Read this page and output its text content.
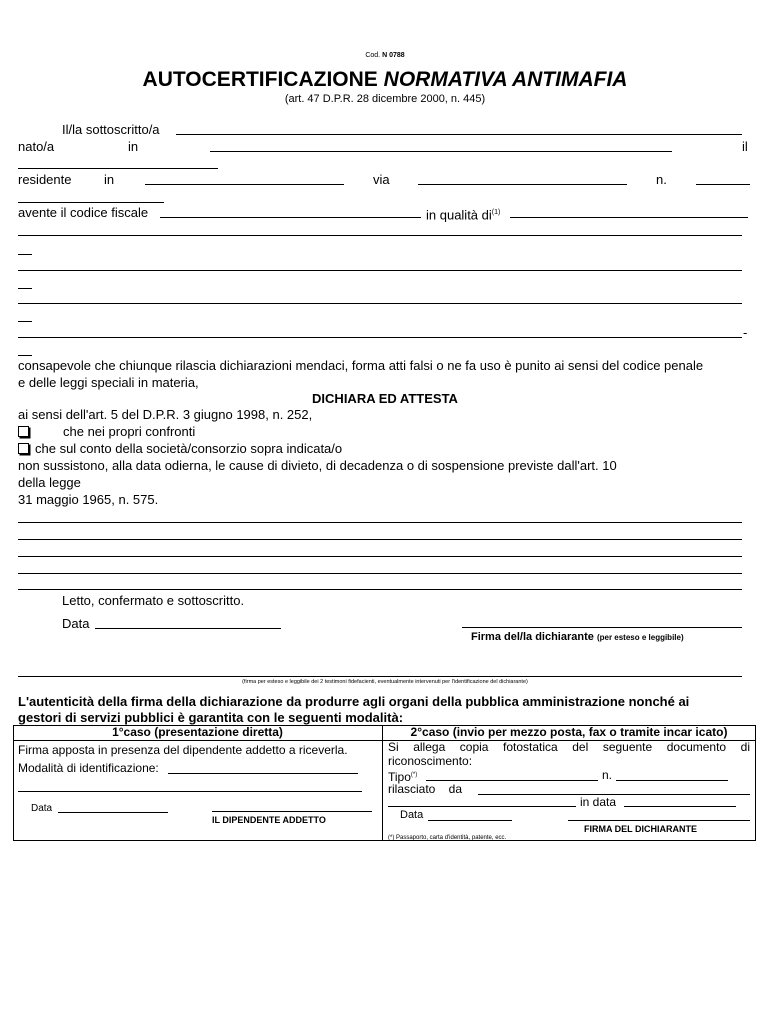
Cod. N 0788
AUTOCERTIFICAZIONE NORMATIVA ANTIMAFIA
(art. 47 D.P.R. 28 dicembre 2000, n. 445)
Il/la sottoscritto/a
nato/a	in	il
residente	in	via	n.
avente il codice fiscale	in qualità $di^{(1)}$
-
consapevole che chiunque rilascia dichiarazioni mendaci, forma atti falsi o ne fa uso è punito ai sensi del codice penale
e delle leggi speciali in materia,
DICHIARA ED ATTESTA
ai sensi dell'art. 5 del D.P.R. 3 giugno 1998, n. 252,
che nei propri confronti
che sul conto della società/consorzio sopra indicata/o
non sussistono, alla data odierna, le cause di divieto, di decadenza o di sospensione previste dall'art. 10
della legge
31 maggio 1965, n. 575.
Letto, confermato e sottoscritto.
Data
Firma del/la dichiarante (per esteso e leggibile)
(firma per esteso e leggibile dei 2 testimoni fidefacienti, eventualmente intervenuti per l'identificazione del dichiarante)
L'autenticità della firma della dichiarazione da produrre agli organi della pubblica amministrazione nonché ai
gestori di servizi pubblici è garantita con le seguenti modalità:
1°caso (presentazione diretta)	2°caso (invio per mezzo posta, fax o tramite incar icato)
Firma apposta in presenza del dipendente addetto a riceverla.
Modalità di identificazione:
Data
IL DIPENDENTE ADDETTO
Si allega copia fotostatica del seguente documento di
riconoscimento:
Tipo(*)	n.
rilasciato da
in data
Data
FIRMA DEL DICHIARANTE
(*) Passaporto, carta d'identità, patente, ecc.
